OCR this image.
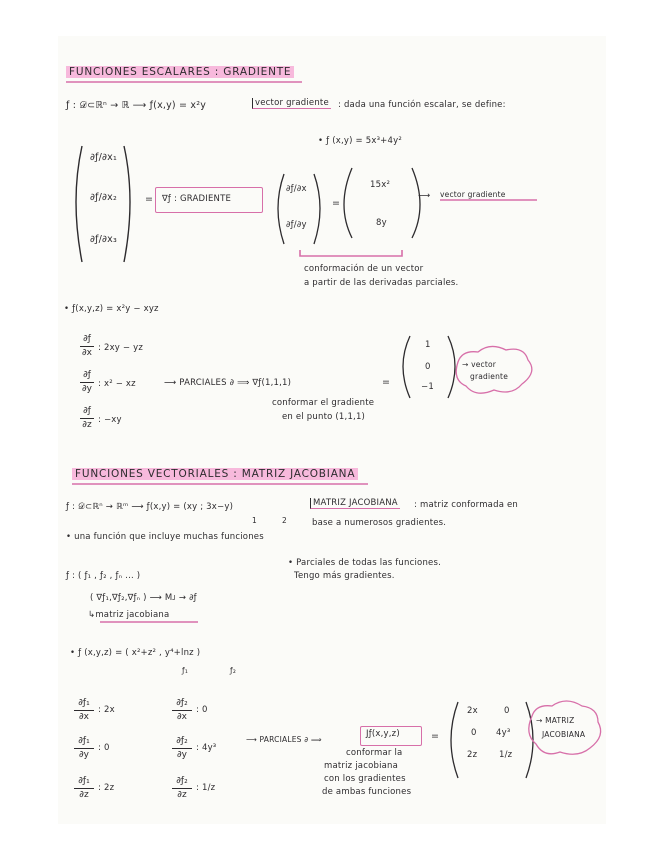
FUNCIONES ESCALARES : GRADIENTE
ƒ : 𝒟⊂ℝⁿ → ℝ ⟶ ƒ(x,y) = x²y	vector gradiente : dada una función escalar, se define:
• ƒ (x,y) = 5x³+4y²
∂ƒ/∂x₁
∂ƒ/∂x₂
∂ƒ/∂x₃
= ∇ƒ : GRADIENTE
∂ƒ/∂x
∂ƒ/∂y
=
15x²
8y
⟶ vector gradiente
conformación de un vector
a partir de las derivadas parciales.
• ƒ(x,y,z) = x²y − xyz
∂ƒ
∂x : 2xy − yz
∂ƒ
∂y : x² − xz
∂ƒ
∂z : −xy
⟶ PARCIALES ∂ ⟹ ∇ƒ(1,1,1)
conformar el gradiente
en el punto (1,1,1)
=
1
0
−1
→ vector
gradiente
FUNCIONES VECTORIALES : MATRIZ JACOBIANA
ƒ : 𝒟⊂ℝⁿ → ℝᵐ ⟶ ƒ(x,y) = (xy ; 3x−y)
1	2
MATRIZ JACOBIANA : matriz conformada en
base a numerosos gradientes.
• una función que incluye muchas funciones
• Parciales de todas las funciones.
Tengo más gradientes.
ƒ : ( ƒ₁ , ƒ₂ , ƒₙ ... )
( ∇ƒ₁,∇ƒ₂,∇ƒₙ ) ⟶ Mᴊ → ∂ƒ
↳matriz jacobiana
• ƒ (x,y,z) = ( x²+z² , y⁴+lnz )
ƒ₁	ƒ₂
∂ƒ₁
∂x
: 2x
∂ƒ₁
∂y
: 0
∂ƒ₁
∂z
: 2z
∂ƒ₂
∂x
: 0
∂ƒ₂
∂y
: 4y³
∂ƒ₂
∂z
: 1/z
⟶ PARCIALES ∂ ⟹
Jƒ(x,y,z)	=
conformar la
matriz jacobiana
con los gradientes
de ambas funciones
2x	0
0 4y³
2z	1/z
→ MATRIZ
JACOBIANA
